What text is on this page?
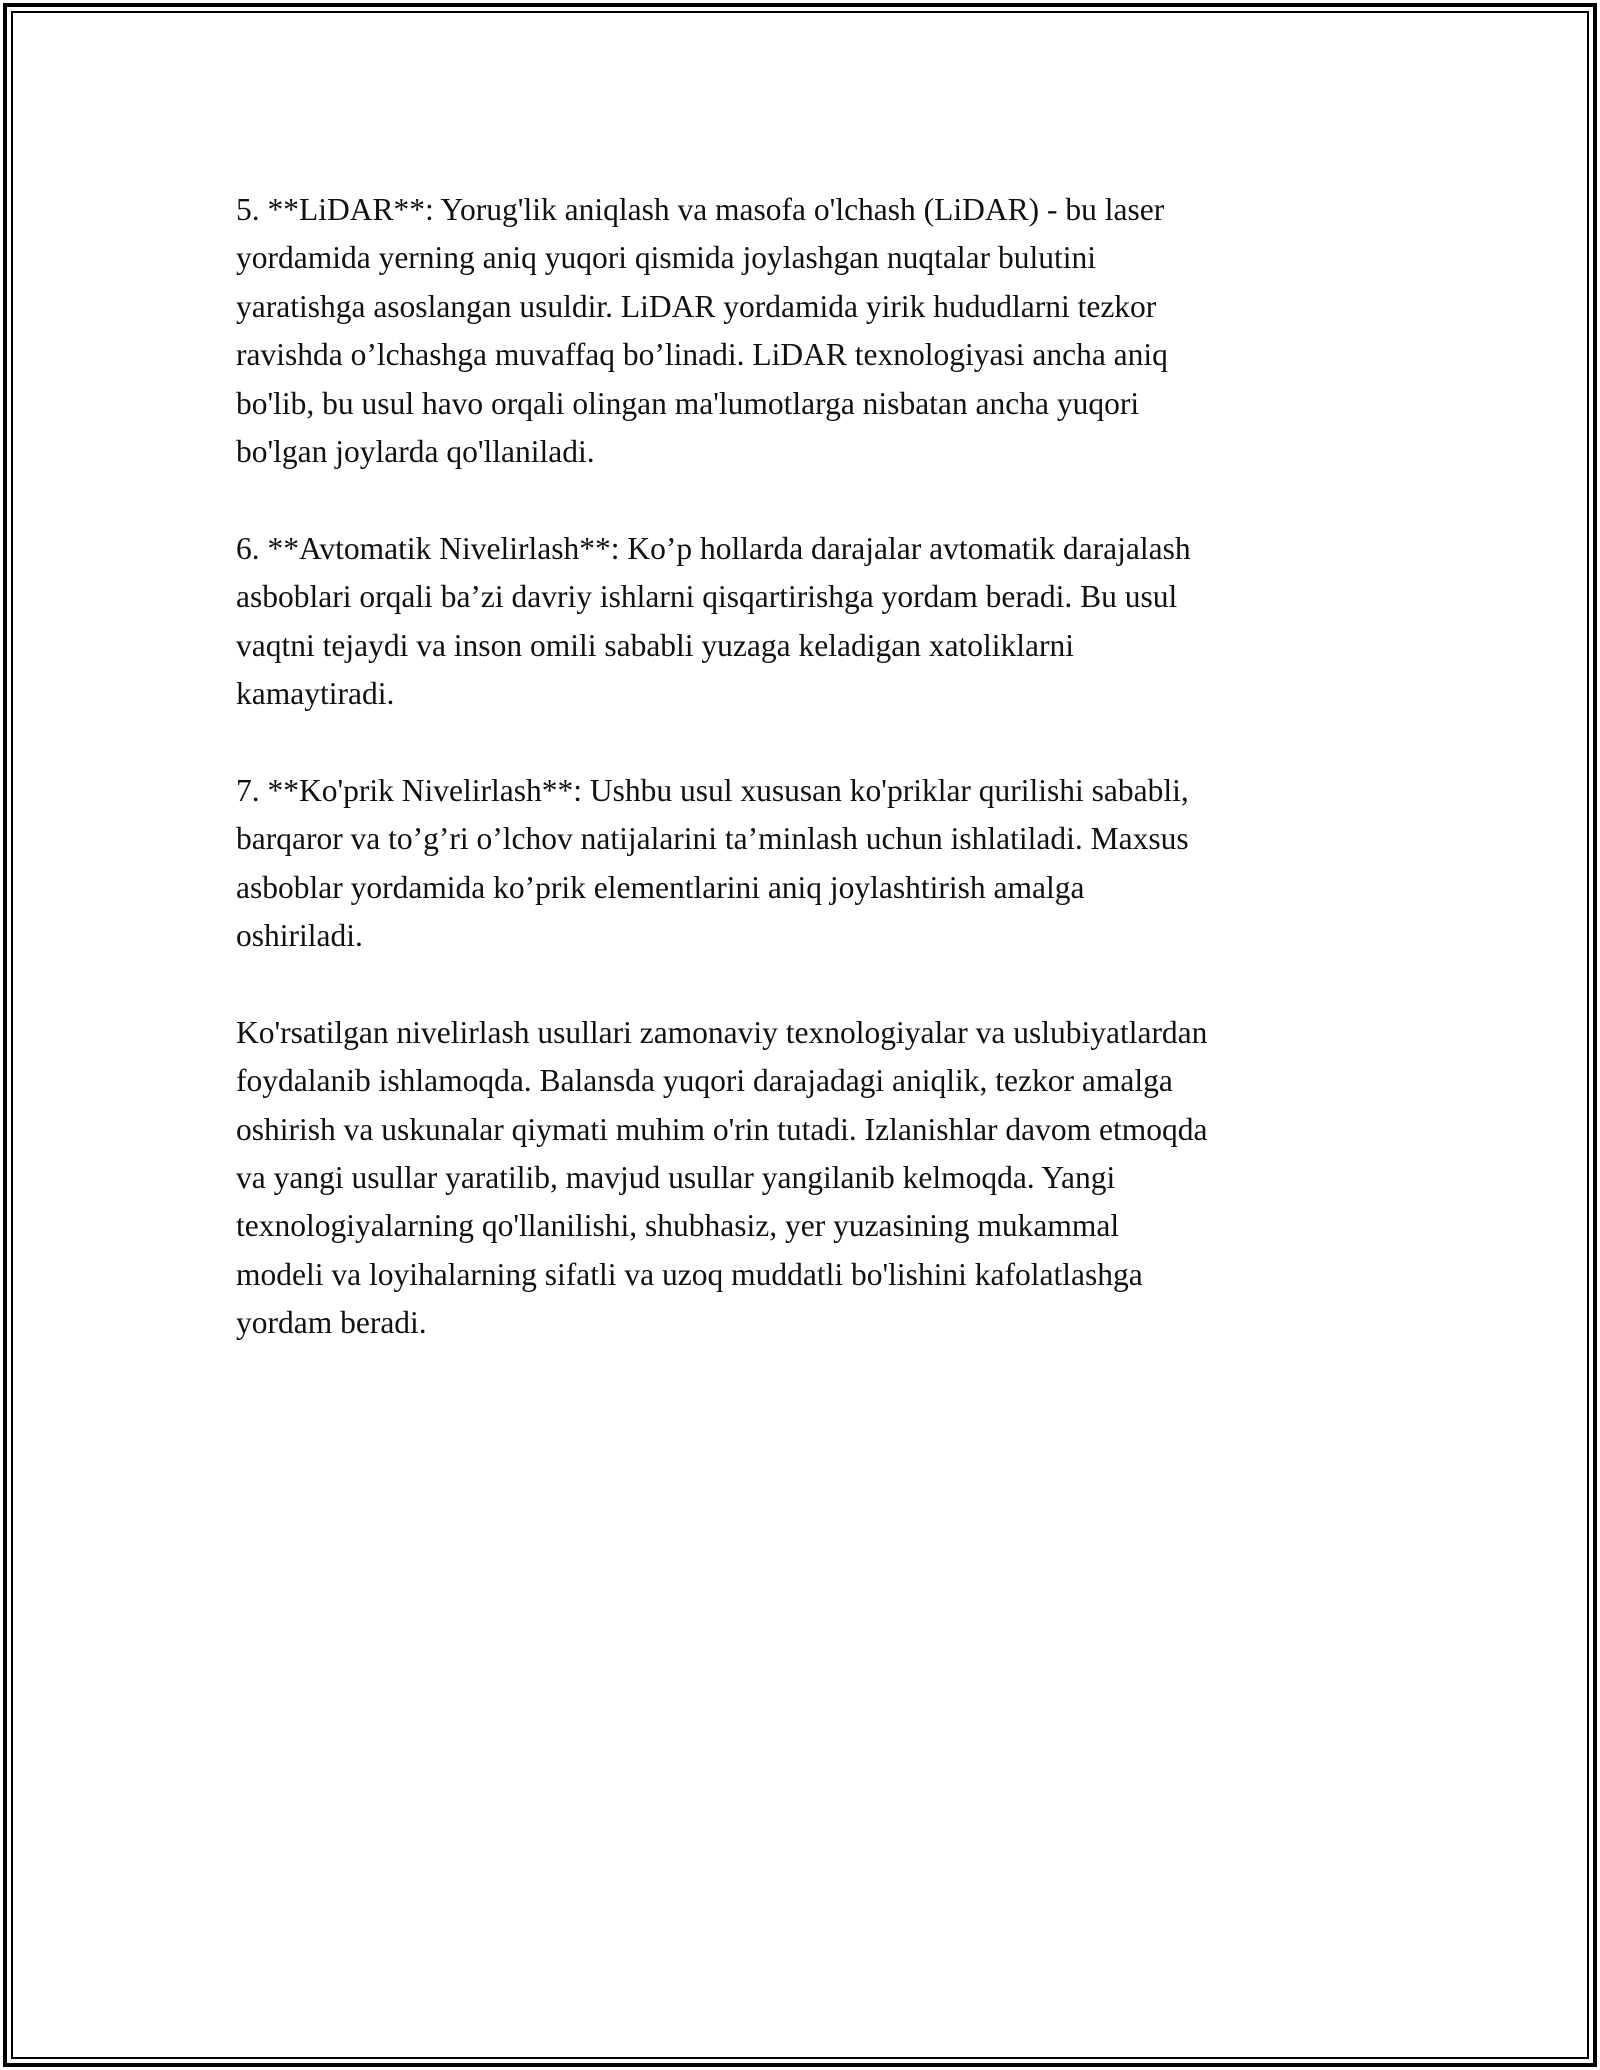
5. **LiDAR**: Yorug'lik aniqlash va masofa o'lchash (LiDAR) - bu laser
yordamida yerning aniq yuqori qismida joylashgan nuqtalar bulutini
yaratishga asoslangan usuldir. LiDAR yordamida yirik hududlarni tezkor
ravishda o’lchashga muvaffaq bo’linadi. LiDAR texnologiyasi ancha aniq
bo'lib, bu usul havo orqali olingan ma'lumotlarga nisbatan ancha yuqori
bo'lgan joylarda qo'llaniladi.

6. **Avtomatik Nivelirlash**: Ko’p hollarda darajalar avtomatik darajalash
asboblari orqali ba’zi davriy ishlarni qisqartirishga yordam beradi. Bu usul
vaqtni tejaydi va inson omili sababli yuzaga keladigan xatoliklarni
kamaytiradi.

7. **Ko'prik Nivelirlash**: Ushbu usul xususan ko'priklar qurilishi sababli,
barqaror va to’g’ri o’lchov natijalarini ta’minlash uchun ishlatiladi. Maxsus
asboblar yordamida ko’prik elementlarini aniq joylashtirish amalga
oshiriladi.

Ko'rsatilgan nivelirlash usullari zamonaviy texnologiyalar va uslubiyatlardan
foydalanib ishlamoqda. Balansda yuqori darajadagi aniqlik, tezkor amalga
oshirish va uskunalar qiymati muhim o'rin tutadi. Izlanishlar davom etmoqda
va yangi usullar yaratilib, mavjud usullar yangilanib kelmoqda. Yangi
texnologiyalarning qo'llanilishi, shubhasiz, yer yuzasining mukammal
modeli va loyihalarning sifatli va uzoq muddatli bo'lishini kafolatlashga
yordam beradi.
